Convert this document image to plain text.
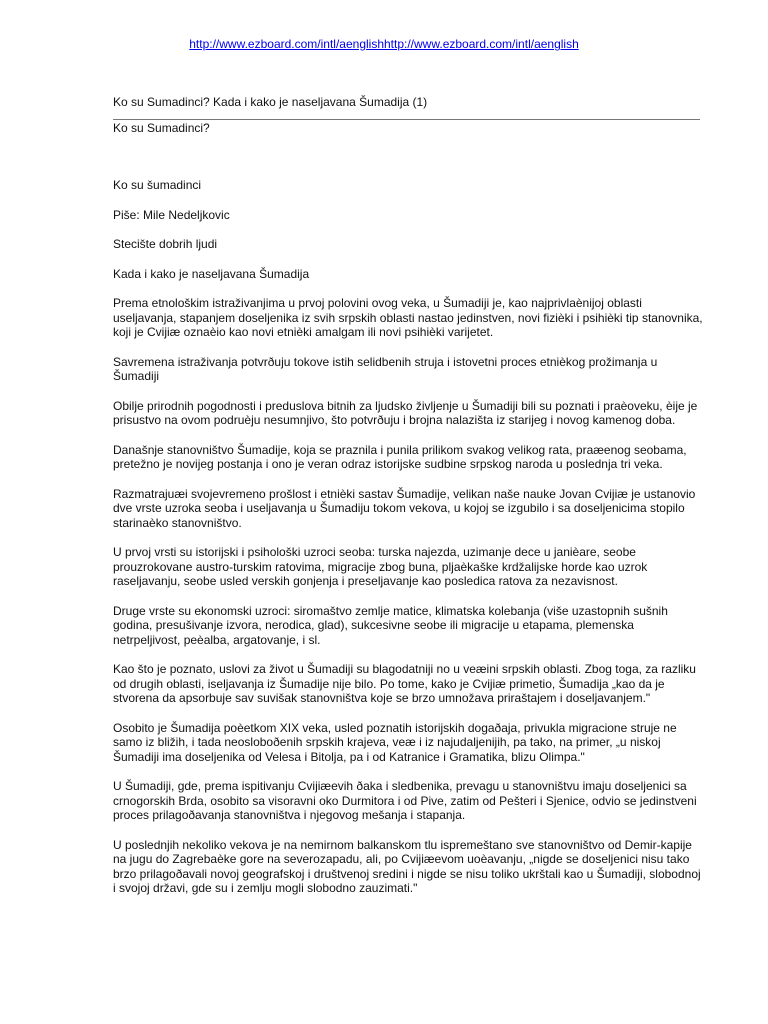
http://www.ezboard.com/intl/aenglishhttp://www.ezboard.com/intl/aenglish

Ko su Sumadinci? Kada i kako je naseljavana Šumadija (1)

Ko su Sumadinci?

Ko su šumadinci

Piše: Mile Nedeljkovic

Stecište dobrih ljudi

Kada i kako je naseljavana Šumadija

Prema etnološkim istraživanjima u prvoj polovini ovog veka, u Šumadiji je, kao najprivlaènijoj oblasti useljavanja, stapanjem doseljenika iz svih srpskih oblasti nastao jedinstven, novi fizièki i psihièki tip stanovnika, koji je Cvijiæ oznaèio kao novi etnièki amalgam ili novi psihièki varijetet.

Savremena istraživanja potvrðuju tokove istih selidbenih struja i istovetni proces etnièkog prožimanja u Šumadiji

Obilje prirodnih pogodnosti i preduslova bitnih za ljudsko življenje u Šumadiji bili su poznati i praèoveku, èije je prisustvo na ovom podruèju nesumnjivo, što potvrðuju i brojna nalazišta iz starijeg i novog kamenog doba.

Današnje stanovništvo Šumadije, koja se praznila i punila prilikom svakog velikog rata, praæenog seobama, pretežno je novijeg postanja i ono je veran odraz istorijske sudbine srpskog naroda u poslednja tri veka.

Razmatrajuæi svojevremeno prošlost i etnièki sastav Šumadije, velikan naše nauke Jovan Cvijiæ je ustanovio dve vrste uzroka seoba i useljavanja u Šumadiju tokom vekova, u kojoj se izgubilo i sa doseljenicima stopilo starinaèko stanovništvo.

U prvoj vrsti su istorijski i psihološki uzroci seoba: turska najezda, uzimanje dece u janièare, seobe prouzrokovane austro-turskim ratovima, migracije zbog buna, pljaèkaške krdžalijske horde kao uzrok raseljavanju, seobe usled verskih gonjenja i preseljavanje kao posledica ratova za nezavisnost.

Druge vrste su ekonomski uzroci: siromaštvo zemlje matice, klimatska kolebanja (više uzastopnih sušnih godina, presušivanje izvora, nerodica, glad), sukcesivne seobe ili migracije u etapama, plemenska netrpeljivost, peèalba, argatovanje, i sl.

Kao što je poznato, uslovi za život u Šumadiji su blagodatniji no u veæini srpskih oblasti. Zbog toga, za razliku od drugih oblasti, iseljavanja iz Šumadije nije bilo. Po tome, kako je Cvijiæ primetio, Šumadija „kao da je stvorena da apsorbuje sav suvišak stanovništva koje se brzo umnožava priraštajem i doseljavanjem."

Osobito je Šumadija poèetkom XIX veka, usled poznatih istorijskih dogaðaja, privukla migracione struje ne samo iz bližih, i tada neosloboðenih srpskih krajeva, veæ i iz najudaljenijih, pa tako, na primer, „u niskoj Šumadiji ima doseljenika od Velesa i Bitolja, pa i od Katranice i Gramatika, blizu Olimpa."

U Šumadiji, gde, prema ispitivanju Cvijiæevih ðaka i sledbenika, prevagu u stanovništvu imaju doseljenici sa crnogorskih Brda, osobito sa visoravni oko Durmitora i od Pive, zatim od Pešteri i Sjenice, odvio se jedinstveni proces prilagoðavanja stanovništva i njegovog mešanja i stapanja.

U poslednjih nekoliko vekova je na nemirnom balkanskom tlu ispremeštano sve stanovništvo od Demir-kapije na jugu do Zagrebaèke gore na severozapadu, ali, po Cvijiæevom uoèavanju, „nigde se doseljenici nisu tako brzo prilagoðavali novoj geografskoj i društvenoj sredini i nigde se nisu toliko ukrštali kao u Šumadiji, slobodnoj i svojoj državi, gde su i zemlju mogli slobodno zauzimati."
